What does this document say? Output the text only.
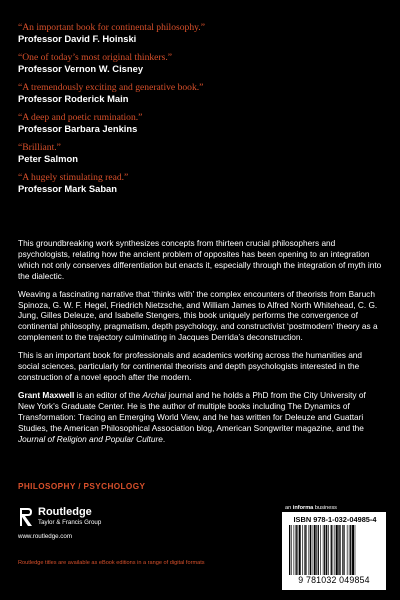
“An important book for continental philosophy.”
Professor David F. Hoinski
“One of today’s most original thinkers.”
Professor Vernon W. Cisney
“A tremendously exciting and generative book.”
Professor Roderick Main
“A deep and poetic rumination.”
Professor Barbara Jenkins
“Brilliant.”
Peter Salmon
“A hugely stimulating read.”
Professor Mark Saban

This groundbreaking work synthesizes concepts from thirteen crucial philosophers and psychologists, relating how the ancient problem of opposites has been opening to an integration which not only conserves differentiation but enacts it, especially through the integration of myth into the dialectic.

Weaving a fascinating narrative that ‘thinks with’ the complex encounters of theorists from Baruch Spinoza, G. W. F. Hegel, Friedrich Nietzsche, and William James to Alfred North Whitehead, C. G. Jung, Gilles Deleuze, and Isabelle Stengers, this book uniquely performs the convergence of continental philosophy, pragmatism, depth psychology, and constructivist ‘postmodern’ theory as a complement to the trajectory culminating in Jacques Derrida’s deconstruction.

This is an important book for professionals and academics working across the humanities and social sciences, particularly for continental theorists and depth psychologists interested in the construction of a novel epoch after the modern.

Grant Maxwell is an editor of the Archai journal and he holds a PhD from the City University of New York’s Graduate Center. He is the author of multiple books including The Dynamics of Transformation: Tracing an Emerging World View, and he has written for Deleuze and Guattari Studies, the American Philosophical Association blog, American Songwriter magazine, and the Journal of Religion and Popular Culture.

PHILOSOPHY / PSYCHOLOGY
Routledge
Taylor & Francis Group
www.routledge.com
Routledge titles are available as eBook editions in a range of digital formats
an informa business
ISBN 978-1-032-04985-4
9 781032 049854
